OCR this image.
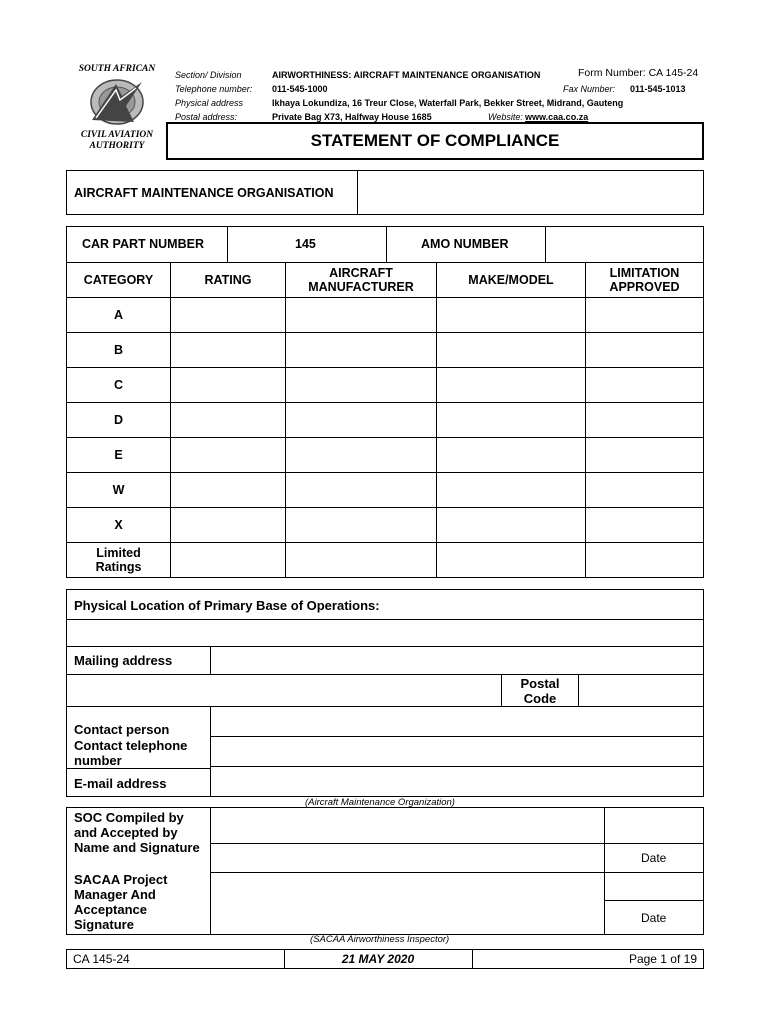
SOUTH AFRICAN
CIVIL AVIATION
AUTHORITY
Section/ Division	AIRWORTHINESS: AIRCRAFT MAINTENANCE ORGANISATION	Form Number: CA 145-24
Telephone number: 011-545-1000	Fax Number: 011-545-1013
Physical address	Ikhaya Lokundiza, 16 Treur Close, Waterfall Park, Bekker Street, Midrand, Gauteng
Postal address:	Private Bag X73, Halfway House 1685	Website: www.caa.co.za
STATEMENT OF COMPLIANCE
AIRCRAFT MAINTENANCE ORGANISATION
CAR PART NUMBER	145	AMO NUMBER
CATEGORY	RATING	AIRCRAFT MANUFACTURER	MAKE/MODEL	LIMITATION APPROVED
A
B
C
D
E
W
X
Limited Ratings
Physical Location of Primary Base of Operations:
Mailing address
Postal Code
Contact person
Contact telephone number
E-mail address
(Aircraft Maintenance Organization)
SOC Compiled by and Accepted by Name and Signature
Date
SACAA Project Manager And Acceptance Signature	Date
(SACAA Airworthiness Inspector)
CA 145-24	21 MAY 2020	Page 1 of 19
